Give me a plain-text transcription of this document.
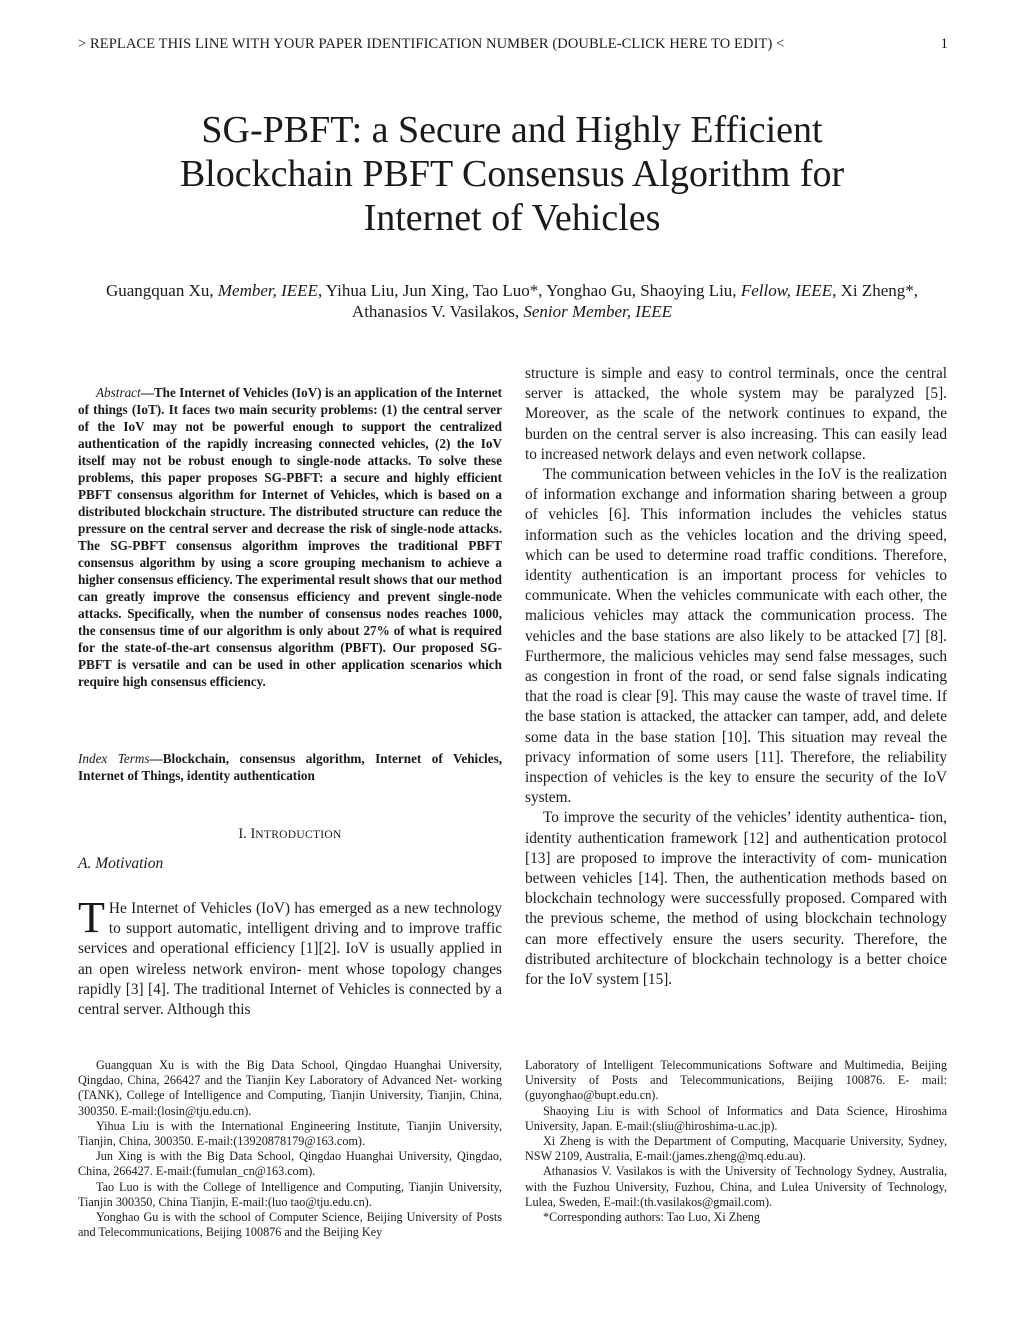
> REPLACE THIS LINE WITH YOUR PAPER IDENTIFICATION NUMBER (DOUBLE-CLICK HERE TO EDIT) <	1
SG-PBFT: a Secure and Highly Efficient
Blockchain PBFT Consensus Algorithm for
Internet of Vehicles
Guangquan Xu, Member, IEEE, Yihua Liu, Jun Xing, Tao Luo*, Yonghao Gu, Shaoying Liu, Fellow, IEEE, Xi Zheng*, Athanasios V. Vasilakos, Senior Member, IEEE
Abstract—The Internet of Vehicles (IoV) is an application of the Internet of things (IoT). It faces two main security problems: (1) the central server of the IoV may not be powerful enough to support the centralized authentication of the rapidly increasing connected vehicles, (2) the IoV itself may not be robust enough to single-node attacks. To solve these problems, this paper proposes SG-PBFT: a secure and highly efficient PBFT consensus algorithm for Internet of Vehicles, which is based on a distributed blockchain structure. The distributed structure can reduce the pressure on the central server and decrease the risk of single-node attacks. The SG-PBFT consensus algorithm improves the traditional PBFT consensus algorithm by using a score grouping mechanism to achieve a higher consensus efficiency. The experimental result shows that our method can greatly improve the consensus efficiency and prevent single-node attacks. Specifically, when the number of consensus nodes reaches 1000, the consensus time of our algorithm is only about 27% of what is required for the state-of-the-art consensus algorithm (PBFT). Our proposed SG-PBFT is versatile and can be used in other application scenarios which require high consensus efficiency.
Index Terms—Blockchain, consensus algorithm, Internet of Vehicles, Internet of Things, identity authentication
I. INTRODUCTION
A. Motivation
T He Internet of Vehicles (IoV) has emerged as a new technology to support automatic, intelligent driving and to improve traffic services and operational efficiency [1][2]. IoV is usually applied in an open wireless network environ- ment whose topology changes rapidly [3] [4]. The traditional Internet of Vehicles is connected by a central server. Although this

structure is simple and easy to control terminals, once the central server is attacked, the whole system may be paralyzed [5]. Moreover, as the scale of the network continues to expand, the burden on the central server is also increasing. This can easily lead to increased network delays and even network collapse.

The communication between vehicles in the IoV is the realization of information exchange and information sharing between a group of vehicles [6]. This information includes the vehicles status information such as the vehicles location and the driving speed, which can be used to determine road traffic conditions. Therefore, identity authentication is an important process for vehicles to communicate. When the vehicles communicate with each other, the malicious vehicles may attack the communication process. The vehicles and the base stations are also likely to be attacked [7] [8]. Furthermore, the malicious vehicles may send false messages, such as congestion in front of the road, or send false signals indicating that the road is clear [9]. This may cause the waste of travel time. If the base station is attacked, the attacker can tamper, add, and delete some data in the base station [10]. This situation may reveal the privacy information of some users [11]. Therefore, the reliability inspection of vehicles is the key to ensure the security of the IoV system.

To improve the security of the vehicles’ identity authentica- tion, identity authentication framework [12] and authentication protocol [13] are proposed to improve the interactivity of com- munication between vehicles [14]. Then, the authentication methods based on blockchain technology were successfully proposed. Compared with the previous scheme, the method of using blockchain technology can more effectively ensure the users security. Therefore, the distributed architecture of blockchain technology is a better choice for the IoV system [15].

Guangquan Xu is with the Big Data School, Qingdao Huanghai University, Qingdao, China, 266427 and the Tianjin Key Laboratory of Advanced Net- working (TANK), College of Intelligence and Computing, Tianjin University, Tianjin, China, 300350. E-mail:(losin@tju.edu.cn).

Yihua Liu is with the International Engineering Institute, Tianjin University, Tianjin, China, 300350. E-mail:(13920878179@163.com).

Jun Xing is with the Big Data School, Qingdao Huanghai University, Qingdao, China, 266427. E-mail:(fumulan_cn@163.com).

Tao Luo is with the College of Intelligence and Computing, Tianjin University, Tianjin 300350, China Tianjin, E-mail:(luo tao@tju.edu.cn).

Yonghao Gu is with the school of Computer Science, Beijing University of Posts and Telecommunications, Beijing 100876 and the Beijing Key

Laboratory of Intelligent Telecommunications Software and Multimedia, Beijing University of Posts and Telecommunications, Beijing 100876. E- mail:(guyonghao@bupt.edu.cn).

Shaoying Liu is with School of Informatics and Data Science, Hiroshima University, Japan. E-mail:(sliu@hiroshima-u.ac.jp).

Xi Zheng is with the Department of Computing, Macquarie University, Sydney, NSW 2109, Australia, E-mail:(james.zheng@mq.edu.au).

Athanasios V. Vasilakos is with the University of Technology Sydney, Australia, with the Fuzhou University, Fuzhou, China, and Lulea University of Technology, Lulea, Sweden, E-mail:(th.vasilakos@gmail.com).

*Corresponding authors: Tao Luo, Xi Zheng
